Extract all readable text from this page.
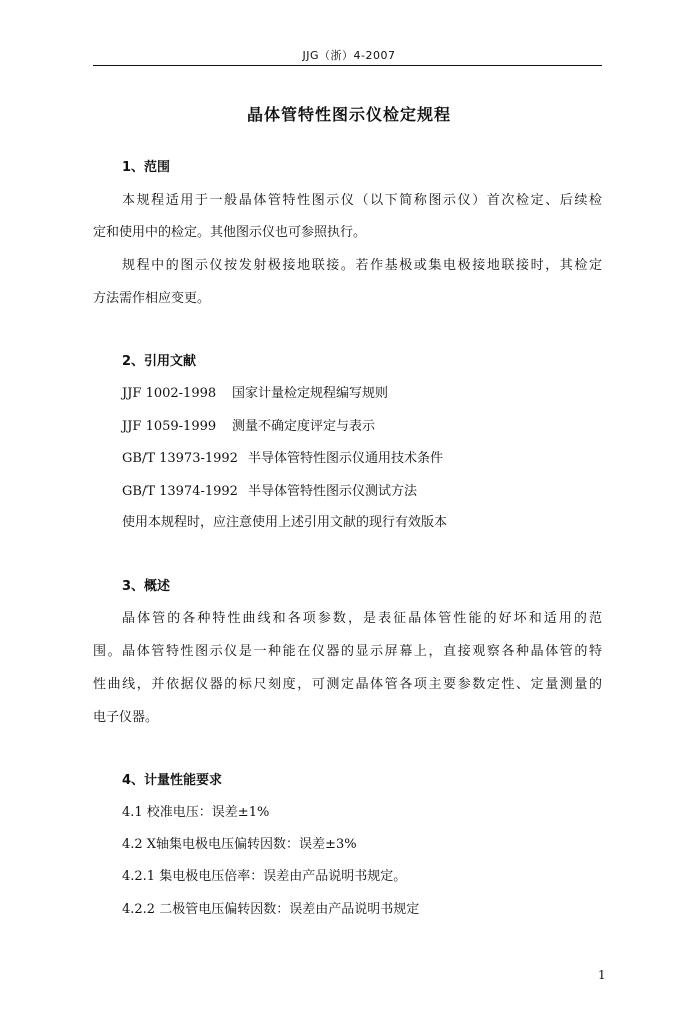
JJG（浙）4-2007
晶体管特性图示仪检定规程
1、范围
本规程适用于一般晶体管特性图示仪（以下简称图示仪）首次检定、后续检
定和使用中的检定。其他图示仪也可参照执行。
规程中的图示仪按发射极接地联接。若作基极或集电极接地联接时，其检定
方法需作相应变更。
2、引用文献
JJF 1002-1998 国家计量检定规程编写规则
JJF 1059-1999 测量不确定度评定与表示
GB/T 13973-1992 半导体管特性图示仪通用技术条件
GB/T 13974-1992 半导体管特性图示仪测试方法
使用本规程时，应注意使用上述引用文献的现行有效版本
3、概述
晶体管的各种特性曲线和各项参数，是表征晶体管性能的好坏和适用的范
围。晶体管特性图示仪是一种能在仪器的显示屏幕上，直接观察各种晶体管的特
性曲线，并依据仪器的标尺刻度，可测定晶体管各项主要参数定性、定量测量的
电子仪器。
4、计量性能要求
4.1 校准电压：误差±1%
4.2 X轴集电极电压偏转因数：误差±3%
4.2.1 集电极电压倍率：误差由产品说明书规定。
4.2.2 二极管电压偏转因数：误差由产品说明书规定
1
